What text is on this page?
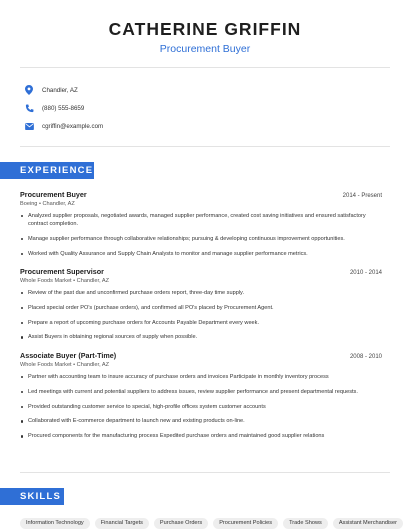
CATHERINE GRIFFIN
Procurement Buyer
Chandler, AZ
(880) 555-8659
cgriffin@example.com
EXPERIENCE
Procurement Buyer	2014 - Present
Boeing • Chandler, AZ
Analyzed supplier proposals, negotiated awards, managed supplier performance, created cost saving initiatives and ensured satisfactory contract completion.
Manage supplier performance through collaborative relationships; pursuing & developing continuous improvement opportunities.
Worked with Quality Assurance and Supply Chain Analysts to monitor and manage supplier performance metrics.
Procurement Supervisor	2010 - 2014
Whole Foods Market • Chandler, AZ
Review of the past due and unconfirmed purchase orders report, three-day time supply.
Placed special order PO's (purchase orders), and confirmed all PO's placed by Procurement Agent.
Prepare a report of upcoming purchase orders for Accounts Payable Department every week.
Assist Buyers in obtaining regional sources of supply when possible.
Associate Buyer (Part-Time)	2008 - 2010
Whole Foods Market • Chandler, AZ
Partner with accounting team to insure accuracy of purchase orders and invoices Participate in monthly inventory process
Led meetings with current and potential suppliers to address issues, review supplier performance and present departmental requests.
Provided outstanding customer service to special, high-profile offices system customer accounts
Collaborated with E-commerce department to launch new and existing products on-line.
Procured components for the manufacturing process Expedited purchase orders and maintained good supplier relations
SKILLS
Information Technology	Financial Targets	Purchase Orders	Procurement Policies	Trade Shows	Assistant Merchandiser
